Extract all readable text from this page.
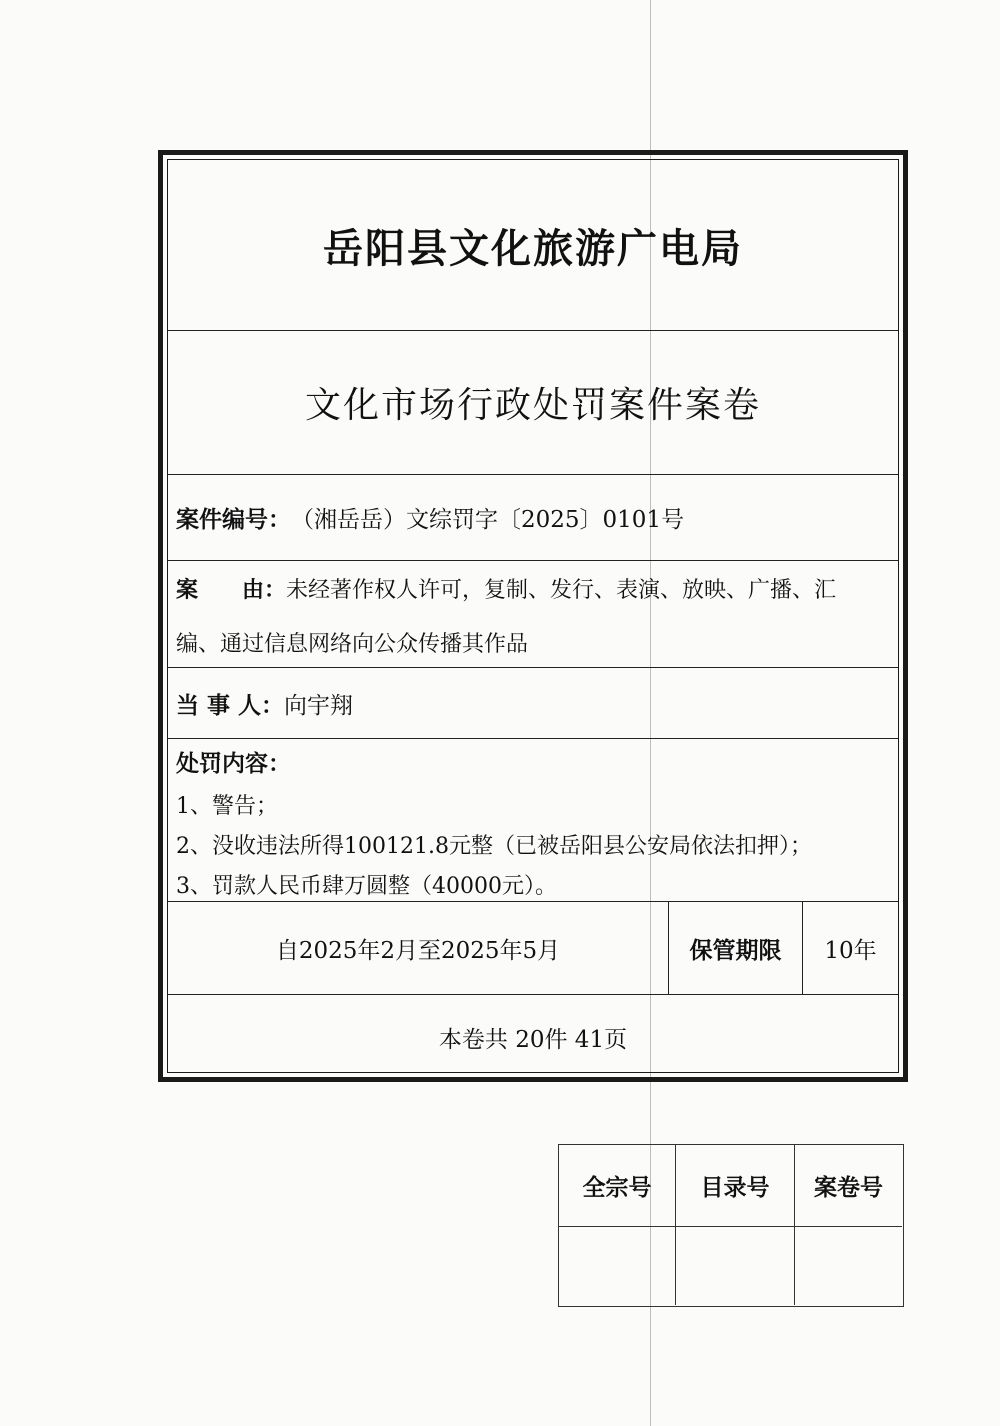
岳阳县文化旅游广电局
文化市场行政处罚案件案卷
案件编号： （湘岳岳）文综罚字〔2025〕0101号
案　　由：未经著作权人许可，复制、发行、表演、放映、广播、汇
编、通过信息网络向公众传播其作品
当 事 人： 向宇翔
处罚内容：
1、警告；
2、没收违法所得100121.8元整（已被岳阳县公安局依法扣押）；
3、罚款人民币肆万圆整（40000元）。
自2025年2月至2025年5月	保管期限	10年
本卷共 20件 41页
全宗号	目录号	案卷号
